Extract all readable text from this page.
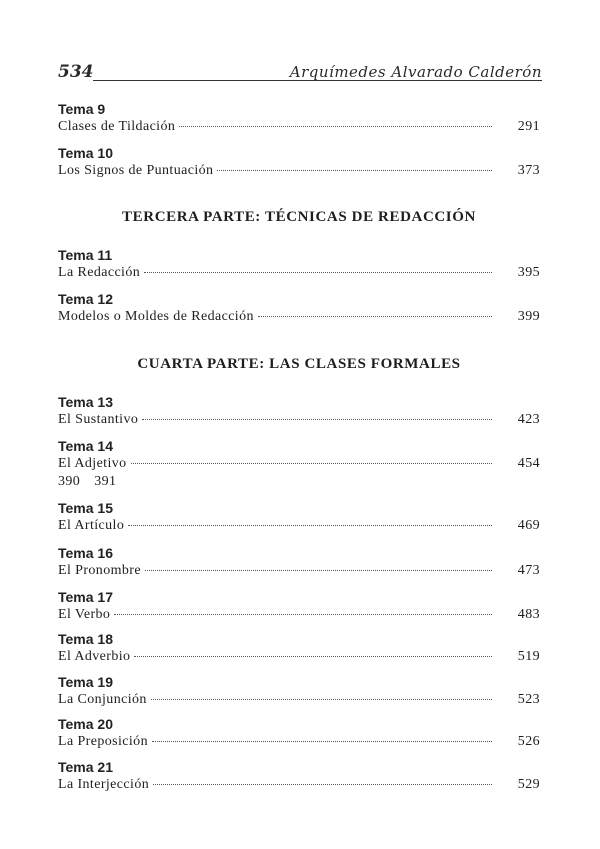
534	Arquímedes Alvarado Calderón
Tema 9
Clases de Tildación	291
Tema 10
Los Signos de Puntuación	373
TERCERA PARTE: TÉCNICAS DE REDACCIÓN
Tema 11
La Redacción	395
Tema 12
Modelos o Moldes de Redacción	399
CUARTA PARTE: LAS CLASES FORMALES
Tema 13
El Sustantivo	423
Tema 14
El Adjetivo	454
390 391
Tema 15
El Artículo	469
Tema 16
El Pronombre	473
Tema 17
El Verbo	483
Tema 18
El Adverbio	519
Tema 19
La Conjunción	523
Tema 20
La Preposición	526
Tema 21
La Interjección	529
